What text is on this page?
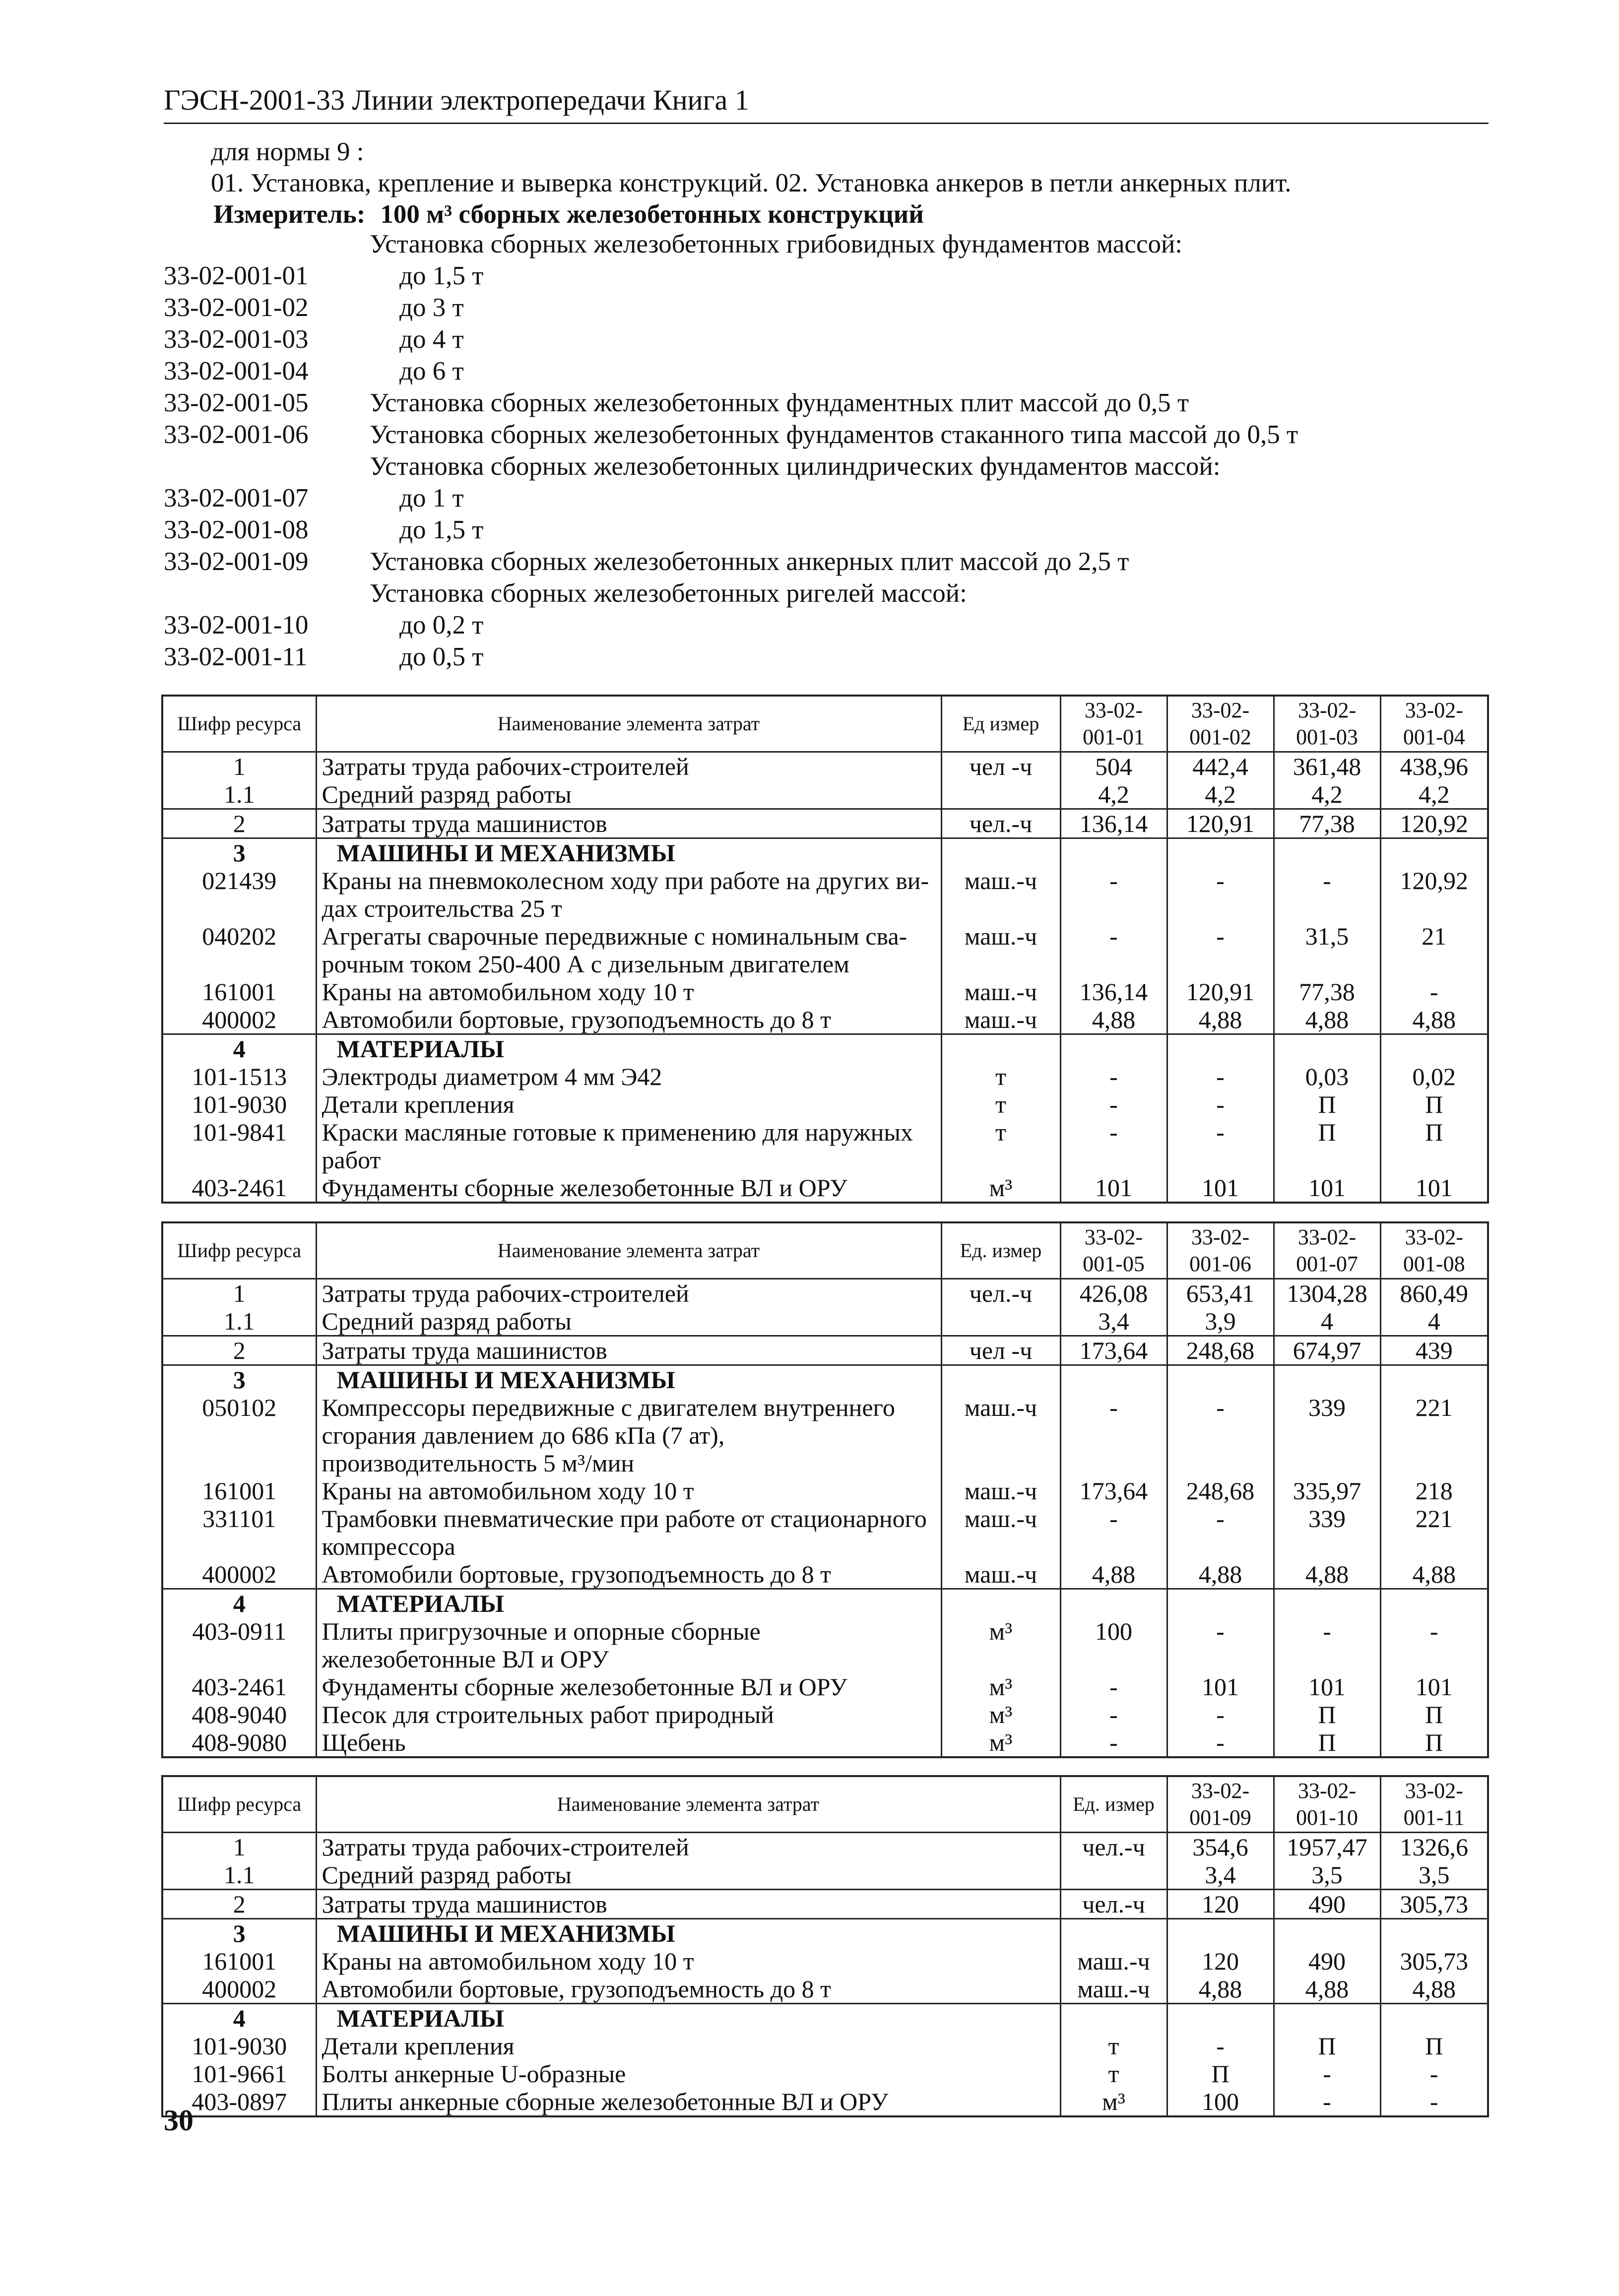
ГЭСН-2001-33 Линии электропередачи Книга 1
для нормы 9 :
01. Установка, крепление и выверка конструкций. 02. Установка анкеров в петли анкерных плит.
Измеритель: 100 м³ сборных железобетонных конструкций
Установка сборных железобетонных грибовидных фундаментов массой:
33-02-001-01	до 1,5 т
33-02-001-02	до 3 т
33-02-001-03	до 4 т
33-02-001-04	до 6 т
33-02-001-05	Установка сборных железобетонных фундаментных плит массой до 0,5 т
33-02-001-06	Установка сборных железобетонных фундаментов стаканного типа массой до 0,5 т
Установка сборных железобетонных цилиндрических фундаментов массой:
33-02-001-07	до 1 т
33-02-001-08	до 1,5 т
33-02-001-09	Установка сборных железобетонных анкерных плит массой до 2,5 т
Установка сборных железобетонных ригелей массой:
33-02-001-10	до 0,2 т
33-02-001-11	до 0,5 т
Шифр ресурса	Наименование элемента затрат	Ед измер	33-02-001-01	33-02-001-02	33-02-001-03	33-02-001-04
1	Затраты труда рабочих-строителей	чел -ч	504	442,4	361,48	438,96
1.1	Средний разряд работы		4,2	4,2	4,2	4,2
2	Затраты труда машинистов	чел.-ч	136,14	120,91	77,38	120,92
3	МАШИНЫ И МЕХАНИЗМЫ					
021439	Краны на пневмоколесном ходу при работе на других ви-дах строительства 25 т	маш.-ч	-	-	-	120,92
040202	Агрегаты сварочные передвижные с номинальным сва-рочным током 250-400 А с дизельным двигателем	маш.-ч	-	-	31,5	21
161001	Краны на автомобильном ходу 10 т	маш.-ч	136,14	120,91	77,38	-
400002	Автомобили бортовые, грузоподъемность до 8 т	маш.-ч	4,88	4,88	4,88	4,88
4	МАТЕРИАЛЫ					
101-1513	Электроды диаметром 4 мм Э42	т	-	-	0,03	0,02
101-9030	Детали крепления	т	-	-	П	П
101-9841	Краски масляные готовые к применению для наружных работ	т	-	-	П	П
403-2461	Фундаменты сборные железобетонные ВЛ и ОРУ	м³	101	101	101	101
Шифр ресурса	Наименование элемента затрат	Ед. измер	33-02-001-05	33-02-001-06	33-02-001-07	33-02-001-08
1	Затраты труда рабочих-строителей	чел.-ч	426,08	653,41	1304,28	860,49
1.1	Средний разряд работы		3,4	3,9	4	4
2	Затраты труда машинистов	чел -ч	173,64	248,68	674,97	439
3	МАШИНЫ И МЕХАНИЗМЫ					
050102	Компрессоры передвижные с двигателем внутреннего сгорания давлением до 686 кПа (7 ат), производительность 5 м³/мин	маш.-ч	-	-	339	221
161001	Краны на автомобильном ходу 10 т	маш.-ч	173,64	248,68	335,97	218
331101	Трамбовки пневматические при работе от стационарного компрессора	маш.-ч	-	-	339	221
400002	Автомобили бортовые, грузоподъемность до 8 т	маш.-ч	4,88	4,88	4,88	4,88
4	МАТЕРИАЛЫ					
403-0911	Плиты пригрузочные и опорные сборные железобетонные ВЛ и ОРУ	м³	100	-	-	-
403-2461	Фундаменты сборные железобетонные ВЛ и ОРУ	м³	-	101	101	101
408-9040	Песок для строительных работ природный	м³	-	-	П	П
408-9080	Щебень	м³	-	-	П	П
Шифр ресурса	Наименование элемента затрат	Ед. измер	33-02-001-09	33-02-001-10	33-02-001-11
1	Затраты труда рабочих-строителей	чел.-ч	354,6	1957,47	1326,6
1.1	Средний разряд работы		3,4	3,5	3,5
2	Затраты труда машинистов	чел.-ч	120	490	305,73
3	МАШИНЫ И МЕХАНИЗМЫ				
161001	Краны на автомобильном ходу 10 т	маш.-ч	120	490	305,73
400002	Автомобили бортовые, грузоподъемность до 8 т	маш.-ч	4,88	4,88	4,88
4	МАТЕРИАЛЫ				
101-9030	Детали крепления	т	-	П	П
101-9661	Болты анкерные U-образные	т	П	-	-
403-0897	Плиты анкерные сборные железобетонные ВЛ и ОРУ	м³	100	-	-
30
